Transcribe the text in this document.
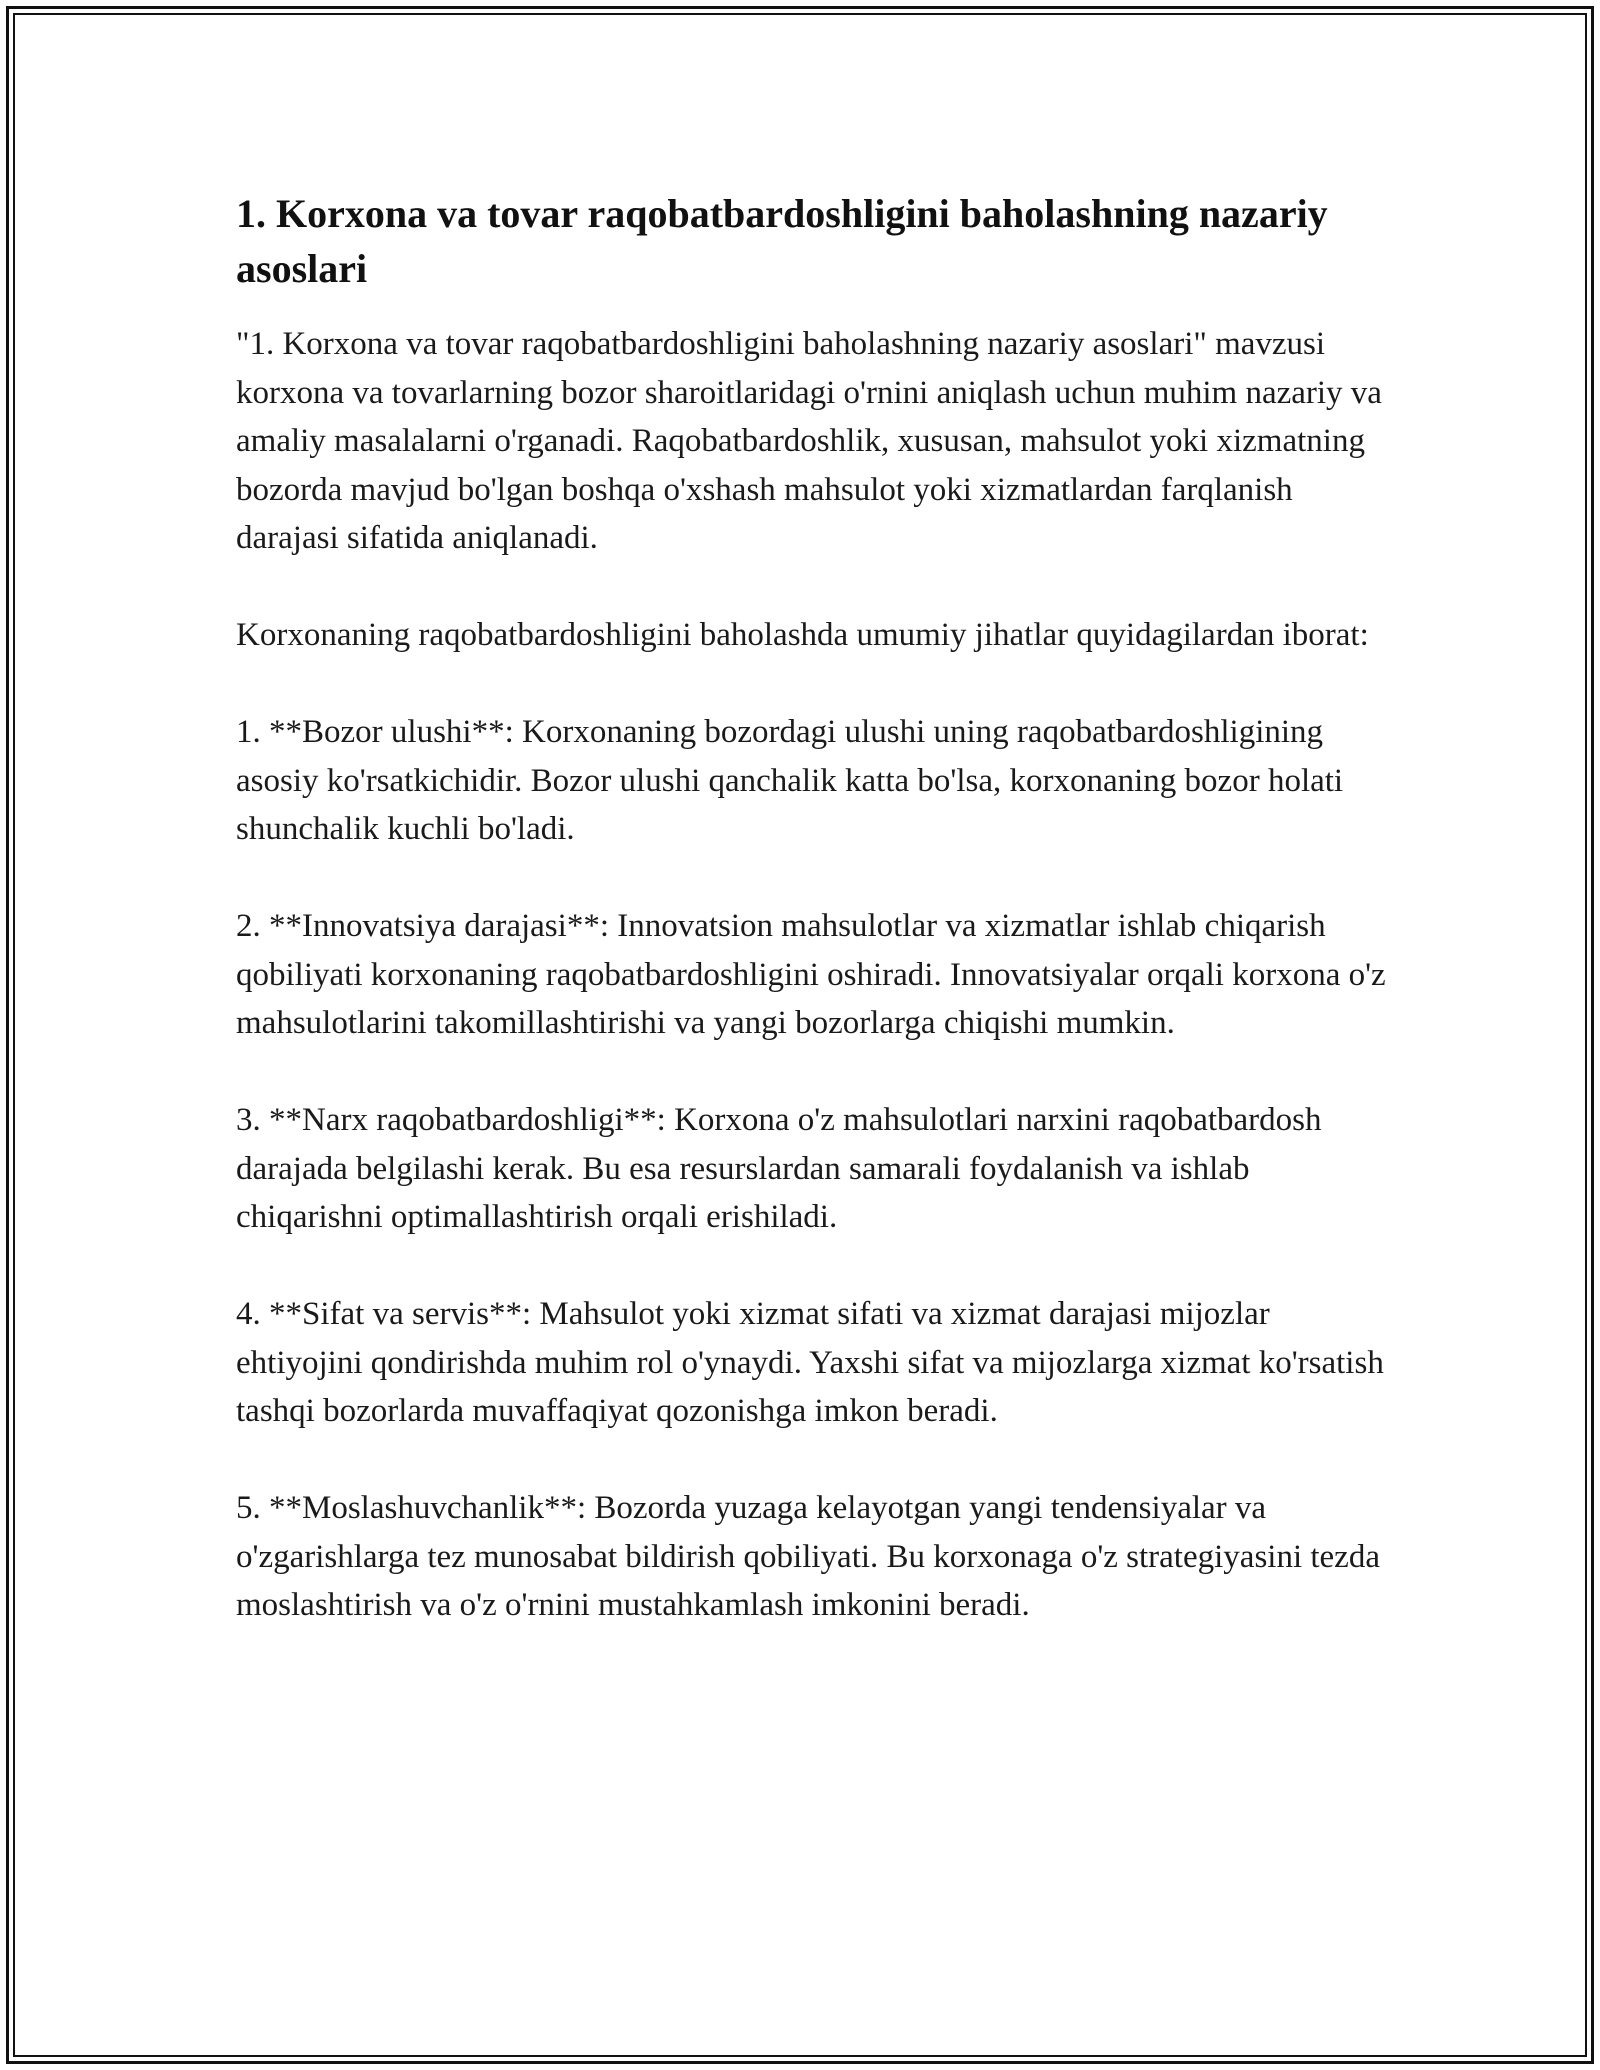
1. Korxona va tovar raqobatbardoshligini baholashning nazariy asoslari

"1. Korxona va tovar raqobatbardoshligini baholashning nazariy asoslari" mavzusi korxona va tovarlarning bozor sharoitlaridagi o'rnini aniqlash uchun muhim nazariy va amaliy masalalarni o'rganadi. Raqobatbardoshlik, xususan, mahsulot yoki xizmatning bozorda mavjud bo'lgan boshqa o'xshash mahsulot yoki xizmatlardan farqlanish darajasi sifatida aniqlanadi.

Korxonaning raqobatbardoshligini baholashda umumiy jihatlar quyidagilardan iborat:

1. **Bozor ulushi**: Korxonaning bozordagi ulushi uning raqobatbardoshligining asosiy ko'rsatkichidir. Bozor ulushi qanchalik katta bo'lsa, korxonaning bozor holati shunchalik kuchli bo'ladi.

2. **Innovatsiya darajasi**: Innovatsion mahsulotlar va xizmatlar ishlab chiqarish qobiliyati korxonaning raqobatbardoshligini oshiradi. Innovatsiyalar orqali korxona o'z mahsulotlarini takomillashtirishi va yangi bozorlarga chiqishi mumkin.

3. **Narx raqobatbardoshligi**: Korxona o'z mahsulotlari narxini raqobatbardosh darajada belgilashi kerak. Bu esa resurslardan samarali foydalanish va ishlab chiqarishni optimallashtirish orqali erishiladi.

4. **Sifat va servis**: Mahsulot yoki xizmat sifati va xizmat darajasi mijozlar ehtiyojini qondirishda muhim rol o'ynaydi. Yaxshi sifat va mijozlarga xizmat ko'rsatish tashqi bozorlarda muvaffaqiyat qozonishga imkon beradi.

5. **Moslashuvchanlik**: Bozorda yuzaga kelayotgan yangi tendensiyalar va o'zgarishlarga tez munosabat bildirish qobiliyati. Bu korxonaga o'z strategiyasini tezda moslashtirish va o'z o'rnini mustahkamlash imkonini beradi.
